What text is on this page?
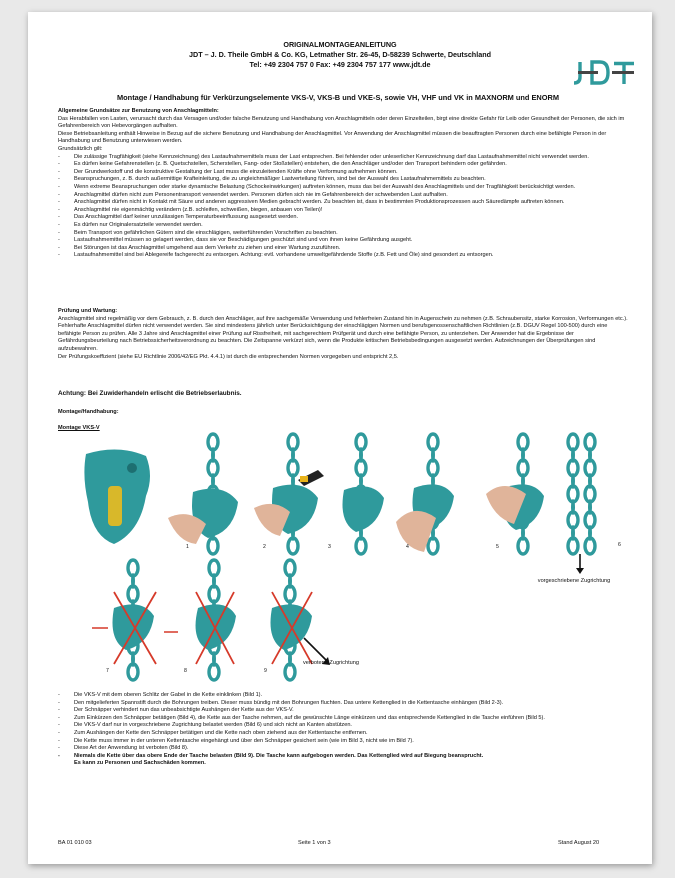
ORIGINALMONTAGEANLEITUNG
JDT – J. D. Theile GmbH & Co. KG, Letmather Str. 26-45, D-58239 Schwerte, Deutschland
Tel: +49 2304 757 0 Fax: +49 2304 757 177 www.jdt.de
Montage / Handhabung für Verkürzungselemente VKS-V, VKS-B und VKE-S, sowie VH, VHF und VK in MAXNORM und ENORM

Allgemeine Grundsätze zur Benutzung von Anschlagmitteln:

Das Herabfallen von Lasten, verursacht durch das Versagen und/oder falsche Benutzung und Handhabung von Anschlagmitteln oder deren Einzelteilen, birgt eine direkte Gefahr für Leib oder Gesundheit der Personen, die sich im Gefahrenbereich von Hebevorgängen aufhalten.

Diese Betriebsanleitung enthält Hinweise in Bezug auf die sichere Benutzung und Handhabung der Anschlagmittel. Vor Anwendung der Anschlagmittel müssen die beauftragten Personen durch eine befähigte Person in der Handhabung und Benutzung unterwiesen werden.

Grundsätzlich gilt:

- Die zulässige Tragfähigkeit (siehe Kennzeichnung) des Lastaufnahmemittels muss der Last entsprechen. Bei fehlender oder unleserlicher Kennzeichnung darf das Lastaufnahmemittel nicht verwendet werden.
- Es dürfen keine Gefahrenstellen (z. B. Quetschstellen, Scherstellen, Fang- oder Stoßstellen) entstehen, die den Anschläger und/oder den Transport behindern oder gefährden.
- Der Grundwerkstoff und die konstruktive Gestaltung der Last muss die einzuleitenden Kräfte ohne Verformung aufnehmen können.
- Beanspruchungen, z. B. durch außermittige Krafteinleitung, die zu ungleichmäßiger Lastverteilung führen, sind bei der Auswahl des Lastaufnahmemittels zu beachten.
- Wenn extreme Beanspruchungen oder starke dynamische Belastung (Schockeinwirkungen) auftreten können, muss das bei der Auswahl des Anschlagmittels und der Tragfähigkeit berücksichtigt werden.
- Anschlagmittel dürfen nicht zum Personentransport verwendet werden. Personen dürfen sich nie im Gefahrenbereich der schwebenden Last aufhalten.
- Anschlagmittel dürfen nicht in Kontakt mit Säure und anderen aggressiven Medien gebracht werden. Zu beachten ist, dass in bestimmten Produktionsprozessen auch Säuredämpfe auftreten können.
- Anschlagmittel nie eigenmächtig verändern (z.B. schleifen, schweißen, biegen, anbauen von Teilen)!
- Das Anschlagmittel darf keiner unzulässigen Temperaturbeeinflussung ausgesetzt werden.
- Es dürfen nur Originalersatzteile verwendet werden.
- Beim Transport von gefährlichen Gütern sind die einschlägigen, weiterführenden Vorschriften zu beachten.
- Lastaufnahmemittel müssen so gelagert werden, dass sie vor Beschädigungen geschützt sind und von ihnen keine Gefährdung ausgeht.
- Bei Störungen ist das Anschlagmittel umgehend aus dem Verkehr zu ziehen und einer Wartung zuzuführen.
- Lastaufnahmemittel sind bei Ablegereife fachgerecht zu entsorgen. Achtung: evtl. vorhandene umweltgefährdende Stoffe (z.B. Fett und Öle) sind gesondert zu entsorgen.

Prüfung und Wartung:

Anschlagmittel sind regelmäßig vor dem Gebrauch, z. B. durch den Anschläger, auf ihre sachgemäße Verwendung und fehlerfreien Zustand hin in Augenschein zu nehmen (z.B. Schraubensitz, starke Korrosion, Verformungen etc.). Fehlerhafte Anschlagmittel dürfen nicht verwendet werden. Sie sind mindestens jährlich unter Berücksichtigung der einschlägigen Normen und berufsgenossenschaftlichen Richtlinien (z.B. DGUV Regel 100-500) durch eine befähigte Person zu prüfen. Alle 3 Jahre sind Anschlagmittel einer Prüfung auf Rissfreiheit, mit sachgerechtem Prüfgerät und durch eine befähigte Person, zu unterziehen. Der Anwender hat die Ergebnisse der Gefährdungsbeurteilung nach Betriebssicherheitsverordnung zu beachten. Die Zeitspanne verkürzt sich, wenn die Produkte kritischen Betriebsbedingungen ausgesetzt werden. Aufzeichnungen der Überprüfungen sind aufzubewahren.

Der Prüfungskoeffizient (siehe EU Richtlinie 2006/42/EG Pkt. 4.4.1) ist durch die entsprechenden Normen vorgegeben und entspricht 2,5.

Achtung: Bei Zuwiderhandeln erlischt die Betriebserlaubnis.
Montage/Handhabung:
Montage VKS-V
1	2	3	4	5	6
7	8	9
vorgeschriebene Zugrichtung
verbotene Zugrichtung
- Die VKS-V mit dem oberen Schlitz der Gabel in die Kette einklinken (Bild 1).
- Den mitgelieferten Spannstift durch die Bohrungen treiben. Dieser muss bündig mit den Bohrungen fluchten. Das untere Kettenglied in die Kettentasche einhängen (Bild 2-3).
- Der Schnäpper verhindert nun das unbeabsichtigte Aushängen der Kette aus der VKS-V.
- Zum Einkürzen den Schnäpper betätigen (Bild 4), die Kette aus der Tasche nehmen, auf die gewünschte Länge einkürzen und das entsprechende Kettenglied in die Tasche einführen (Bild 5).
- Die VKS-V darf nur in vorgeschriebene Zugrichtung belastet werden (Bild 6) und sich nicht an Kanten abstützen.
- Zum Aushängen der Kette den Schnäpper betätigen und die Kette nach oben ziehend aus der Kettentasche entfernen.
- Die Kette muss immer in der unteren Kettentasche eingehängt und über den Schnäpper gesichert sein (wie im Bild 3, nicht wie im Bild 7).
- Diese Art der Anwendung ist verboten (Bild 8).
- Niemals die Kette über das obere Ende der Tasche belasten (Bild 9). Die Tasche kann aufgebogen werden. Das Kettenglied wird auf Biegung beansprucht.
Es kann zu Personen und Sachschäden kommen.
BA 01 010 03	Seite 1 von 3	Stand August 20
